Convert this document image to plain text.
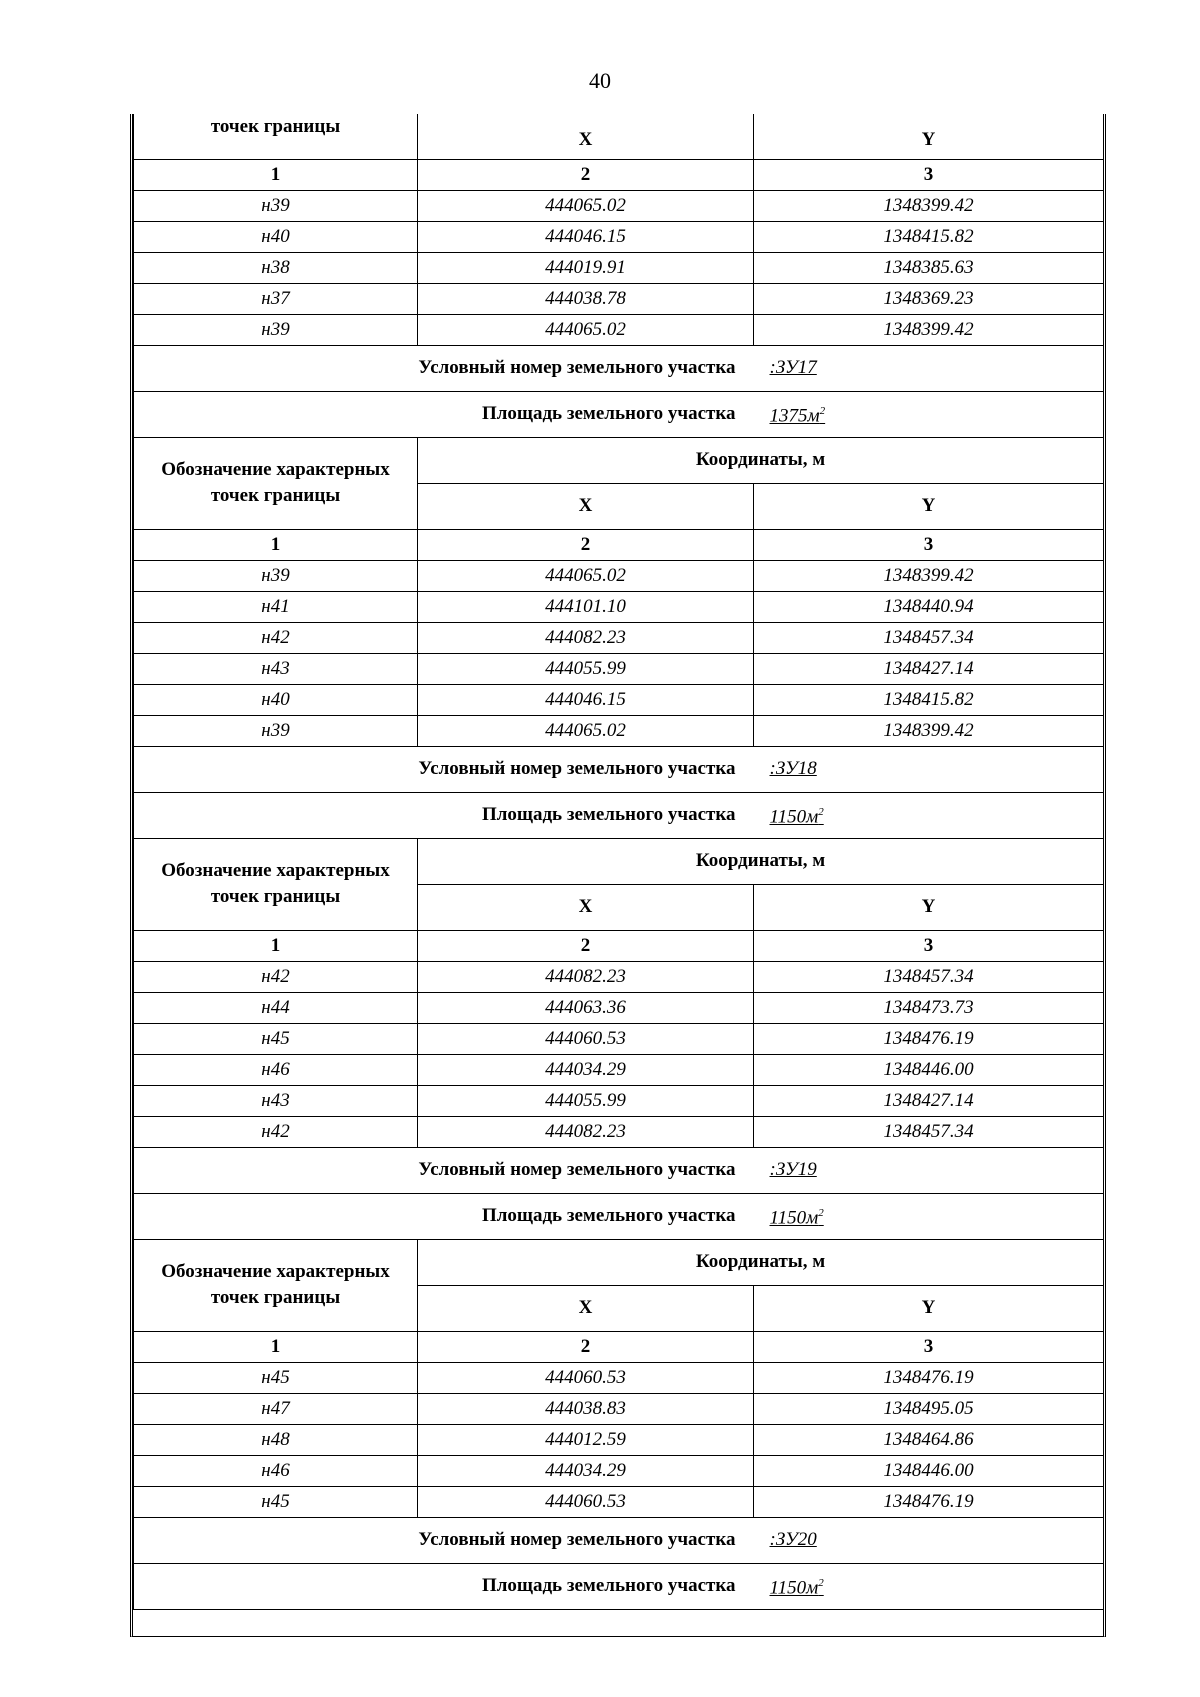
40
точек границы	X	Y
1	2	3
н39	444065.02	1348399.42
н40	444046.15	1348415.82
н38	444019.91	1348385.63
н37	444038.78	1348369.23
н39	444065.02	1348399.42
Условный номер земельного участка		:ЗУ17
Площадь земельного участка		$1375м^2$
Обозначение характерных точек границы	Координаты, м	
	X	Y
1	2	3
н39	444065.02	1348399.42
н41	444101.10	1348440.94
н42	444082.23	1348457.34
н43	444055.99	1348427.14
н40	444046.15	1348415.82
н39	444065.02	1348399.42
Условный номер земельного участка		:ЗУ18
Площадь земельного участка		$1150м^2$
Обозначение характерных точек границы	Координаты, м	
	X	Y
1	2	3
н42	444082.23	1348457.34
н44	444063.36	1348473.73
н45	444060.53	1348476.19
н46	444034.29	1348446.00
н43	444055.99	1348427.14
н42	444082.23	1348457.34
Условный номер земельного участка		:ЗУ19
Площадь земельного участка		$1150м^2$
Обозначение характерных точек границы	Координаты, м	
	X	Y
1	2	3
н45	444060.53	1348476.19
н47	444038.83	1348495.05
н48	444012.59	1348464.86
н46	444034.29	1348446.00
н45	444060.53	1348476.19
Условный номер земельного участка		:ЗУ20
Площадь земельного участка		$1150м^2$
